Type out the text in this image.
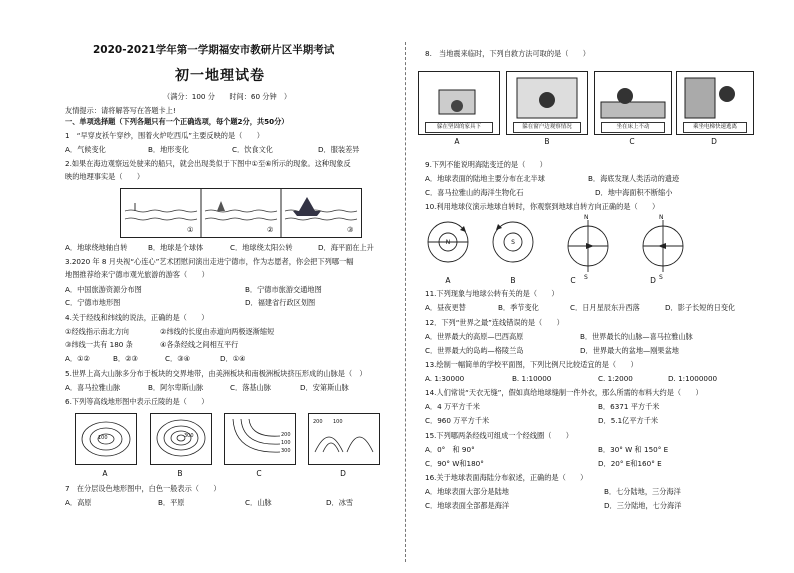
2020-2021学年第一学期福安市教研片区半期考试
初一地理试卷
（满分：100 分　　时间：60 分钟　）
友情提示：请将解答写在答题卡上!
一、单项选择题（下列各题只有一个正确选项，每个题2分，共50分）
1　“早穿皮袄午穿纱，围着火炉吃西瓜”主要反映的是（　　）
A．气候变化	B．地形变化	C．饮食文化	D．服装差异
2.如果在海边观察远处驶来的船只，就会出现类似于下图中①至⑥所示的现象。这种现象反
映的地理事实是（　　）
①	②	③
A．地球绕地轴自转	B．地球是个球体	C．地球绕太阳公转	D．海平面在上升
3.2020 年 8 月央视“心连心”艺术团慰问演出走进宁德市，作为志愿者，你会把下列哪一幅
地图推荐给来宁德市观光旅游的游客（　　）
A．中国旅游资源分布图	B．宁德市旅游交通地图
C．宁德市地形图	D．福建省行政区划图
4.关于经线和纬线的说法，正确的是（　　）
①经线指示南北方向	②纬线的长度由赤道向两极逐渐缩短
③纬线一共有 180 条	④各条经线之间相互平行
A．①②	B．②③	C．③④	D．①④
5.世界上高大山脉多分布于板块的交界地带，由美洲板块和南极洲板块挤压形成的山脉是（　）
A．喜马拉雅山脉	B．阿尔卑斯山脉	C．落基山脉	D．安第斯山脉
6.下列等高线地形图中表示丘陵的是（　　）
100	300	200
100
300
200 100
A	B	C	D
7　在分层设色地形图中，白色一般表示（　　）
A．高原	B．平原	C．山脉	D．冰雪
8.　当地震来临时，下列自救方法可取的是（　　）
躲在坚固的家具下	躲在窗户边观察情况	坐在床上不动	乘坐电梯快速逃离
A	B	C	D
9.下列不能说明海陆变迁的是（　　）
A．地球表面的陆地主要分布在北半球	B．海底发现人类活动的遗迹
C．喜马拉雅山的海洋生物化石	D．地中海面积不断缩小
10.利用地球仪演示地球自转时，你观察到地球自转方向正确的是（　　）
N	S
N
S
N
S
A	B	C	D
11.下列现象与地球公转有关的是（　　）
A．昼夜更替	B．季节变化	C．日月星辰东升西落	D．影子长短的日变化
12．下列“世界之最”连线错误的是（　　）
A．世界最大的高原—巴西高原	B．世界最长的山脉—喜马拉雅山脉
C．世界最大的岛屿—格陵兰岛	D．世界最大的盆地—刚果盆地
13.绘制一幅简单的学校平面图，下列比例尺比较适宜的是（　　）
A. 1:30000	B. 1:10000	C. 1:2000	D. 1:1000000
14.人们常说“天衣无缝”，假如真给地球缝制一件外衣，那么所需的布料大约是（　　）
A．4 万平方千米	B．6371 平方千米
C．960 万平方千米	D．5.1亿平方千米
15.下列哪两条经线可组成一个经线圈（　　）
A．0°　和 90°	B．30° W 和 150° E
C．90° W和180°	D．20° E和160° E
16.关于地球表面海陆分布叙述，正确的是（　　）
A．地球表面大部分是陆地	B．七分陆地，三分海洋
C．地球表面全部都是海洋	D．三分陆地，七分海洋
